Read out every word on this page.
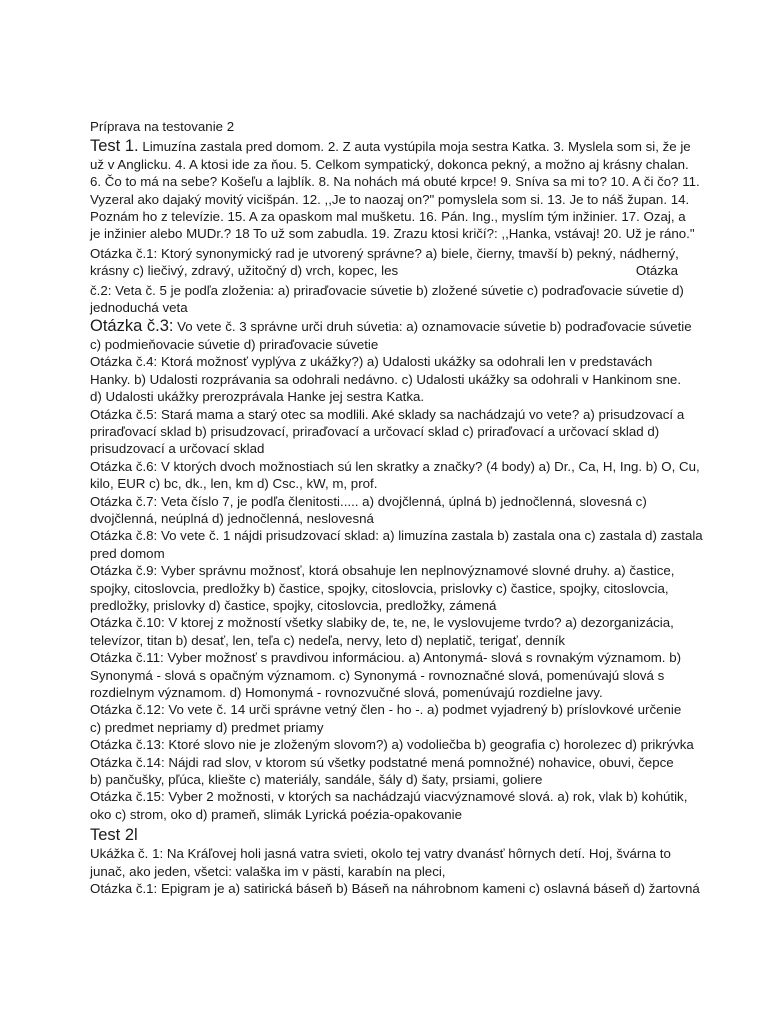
Príprava na testovanie 2
Test 1. Limuzína zastala pred domom. 2. Z auta vystúpila moja sestra Katka. 3. Myslela som si, že je
už v Anglicku. 4. A ktosi ide za ňou. 5. Celkom sympatický, dokonca pekný, a možno aj krásny chalan.
6. Čo to má na sebe? Košeľu a lajblík. 8. Na nohách má obuté krpce! 9. Sníva sa mi to? 10. A či čo? 11.
Vyzeral ako dajaký movitý vicišpán. 12. ,,Je to naozaj on?" pomyslela som si. 13. Je to náš župan. 14.
Poznám ho z televízie. 15. A za opaskom mal mušketu. 16. Pán. Ing., myslím tým inžinier. 17. Ozaj, a
je inžinier alebo MUDr.? 18 To už som zabudla. 19. Zrazu ktosi kričí?: ,,Hanka, vstávaj! 20. Už je ráno."
Otázka č.1: Ktorý synonymický rad je utvorený správne? a) biele, čierny, tmavší b) pekný, nádherný,
krásny c) liečivý, zdravý, užitočný d) vrch, kopec, les	Otázka
č.2: Veta č. 5 je podľa zloženia: a) priraďovacie súvetie b) zložené súvetie c) podraďovacie súvetie d)
jednoduchá veta
Otázka č.3: Vo vete č. 3 správne urči druh súvetia: a) oznamovacie súvetie b) podraďovacie súvetie
c) podmieňovacie súvetie d) priraďovacie súvetie
Otázka č.4: Ktorá možnosť vyplýva z ukážky?) a) Udalosti ukážky sa odohrali len v predstavách
Hanky. b) Udalosti rozprávania sa odohrali nedávno. c) Udalosti ukážky sa odohrali v Hankinom sne.
d) Udalosti ukážky prerozprávala Hanke jej sestra Katka.
Otázka č.5: Stará mama a starý otec sa modlili. Aké sklady sa nachádzajú vo vete? a) prisudzovací a
priraďovací sklad b) prisudzovací, priraďovací a určovací sklad c) priraďovací a určovací sklad d)
prisudzovací a určovací sklad
Otázka č.6: V ktorých dvoch možnostiach sú len skratky a značky? (4 body) a) Dr., Ca, H, Ing. b) O, Cu,
kilo, EUR c) bc, dk., len, km d) Csc., kW, m, prof.
Otázka č.7: Veta číslo 7, je podľa členitosti..... a) dvojčlenná, úplná b) jednočlenná, slovesná c)
dvojčlenná, neúplná d) jednočlenná, neslovesná
Otázka č.8: Vo vete č. 1 nájdi prisudzovací sklad: a) limuzína zastala b) zastala ona c) zastala d) zastala
pred domom
Otázka č.9: Vyber správnu možnosť, ktorá obsahuje len neplnovýznamové slovné druhy. a) častice,
spojky, citoslovcia, predložky b) častice, spojky, citoslovcia, prislovky c) častice, spojky, citoslovcia,
predložky, prislovky d) častice, spojky, citoslovcia, predložky, zámená
Otázka č.10: V ktorej z možností všetky slabiky de, te, ne, le vyslovujeme tvrdo? a) dezorganizácia,
televízor, titan b) desať, len, teľa c) nedeľa, nervy, leto d) neplatič, terigať, denník
Otázka č.11: Vyber možnosť s pravdivou informáciou. a) Antonymá- slová s rovnakým významom. b)
Synonymá - slová s opačným významom. c) Synonymá - rovnoznačné slová, pomenúvajú slová s
rozdielnym významom. d) Homonymá - rovnozvučné slová, pomenúvajú rozdielne javy.
Otázka č.12: Vo vete č. 14 urči správne vetný člen - ho -. a) podmet vyjadrený b) príslovkové určenie
c) predmet nepriamy d) predmet priamy
Otázka č.13: Ktoré slovo nie je zloženým slovom?) a) vodoliečba b) geografia c) horolezec d) prikrývka
Otázka č.14: Nájdi rad slov, v ktorom sú všetky podstatné mená pomnožné) nohavice, obuvi, čepce
b) pančušky, pľúca, kliešte c) materiály, sandále, šály d) šaty, prsiami, goliere
Otázka č.15: Vyber 2 možnosti, v ktorých sa nachádzajú viacvýznamové slová. a) rok, vlak b) kohútik,
oko c) strom, oko d) prameň, slimák Lyrická poézia-opakovanie
Test 2l
Ukážka č. 1: Na Kráľovej holi jasná vatra svieti, okolo tej vatry dvanásť hôrnych detí. Hoj, švárna to
junač, ako jeden, všetci: valaška im v pästi, karabín na pleci,
Otázka č.1: Epigram je a) satirická báseň b) Báseň na náhrobnom kameni c) oslavná báseň d) žartovná
